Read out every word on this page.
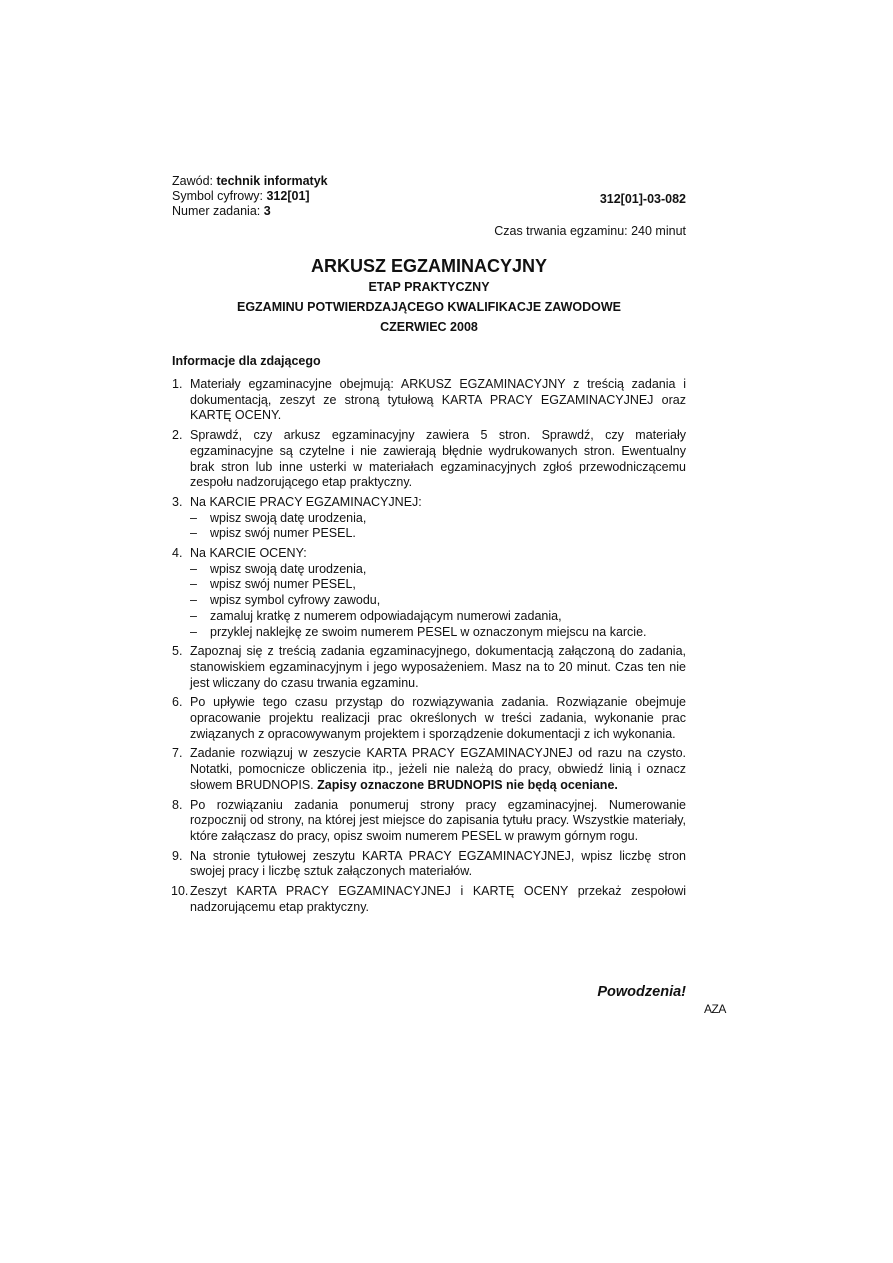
Zawód: technik informatyk
Symbol cyfrowy: 312[01]
Numer zadania: 3
312[01]-03-082
Czas trwania egzaminu: 240 minut
ARKUSZ EGZAMINACYJNY
ETAP PRAKTYCZNY
EGZAMINU POTWIERDZAJĄCEGO KWALIFIKACJE ZAWODOWE
CZERWIEC 2008
Informacje dla zdającego
1. Materiały egzaminacyjne obejmują: ARKUSZ EGZAMINACYJNY z treścią zadania i dokumentacją, zeszyt ze stroną tytułową KARTA PRACY EGZAMINACYJNEJ oraz KARTĘ OCENY.
2. Sprawdź, czy arkusz egzaminacyjny zawiera 5 stron. Sprawdź, czy materiały egzaminacyjne są czytelne i nie zawierają błędnie wydrukowanych stron. Ewentualny brak stron lub inne usterki w materiałach egzaminacyjnych zgłoś przewodniczącemu zespołu nadzorującego etap praktyczny.
3. Na KARCIE PRACY EGZAMINACYJNEJ:
– wpisz swoją datę urodzenia,
– wpisz swój numer PESEL.
4. Na KARCIE OCENY:
– wpisz swoją datę urodzenia,
– wpisz swój numer PESEL,
– wpisz symbol cyfrowy zawodu,
– zamaluj kratkę z numerem odpowiadającym numerowi zadania,
– przyklej naklejkę ze swoim numerem PESEL w oznaczonym miejscu na karcie.
5. Zapoznaj się z treścią zadania egzaminacyjnego, dokumentacją załączoną do zadania, stanowiskiem egzaminacyjnym i jego wyposażeniem. Masz na to 20 minut. Czas ten nie jest wliczany do czasu trwania egzaminu.
6. Po upływie tego czasu przystąp do rozwiązywania zadania. Rozwiązanie obejmuje opracowanie projektu realizacji prac określonych w treści zadania, wykonanie prac związanych z opracowywanym projektem i sporządzenie dokumentacji z ich wykonania.
7. Zadanie rozwiązuj w zeszycie KARTA PRACY EGZAMINACYJNEJ od razu na czysto. Notatki, pomocnicze obliczenia itp., jeżeli nie należą do pracy, obwiedź linią i oznacz słowem BRUDNOPIS. Zapisy oznaczone BRUDNOPIS nie będą oceniane.
8. Po rozwiązaniu zadania ponumeruj strony pracy egzaminacyjnej. Numerowanie rozpocznij od strony, na której jest miejsce do zapisania tytułu pracy. Wszystkie materiały, które załączasz do pracy, opisz swoim numerem PESEL w prawym górnym rogu.
9. Na stronie tytułowej zeszytu KARTA PRACY EGZAMINACYJNEJ, wpisz liczbę stron swojej pracy i liczbę sztuk załączonych materiałów.
10. Zeszyt KARTA PRACY EGZAMINACYJNEJ i KARTĘ OCENY przekaż zespołowi nadzorującemu etap praktyczny.
Powodzenia!
AZA
